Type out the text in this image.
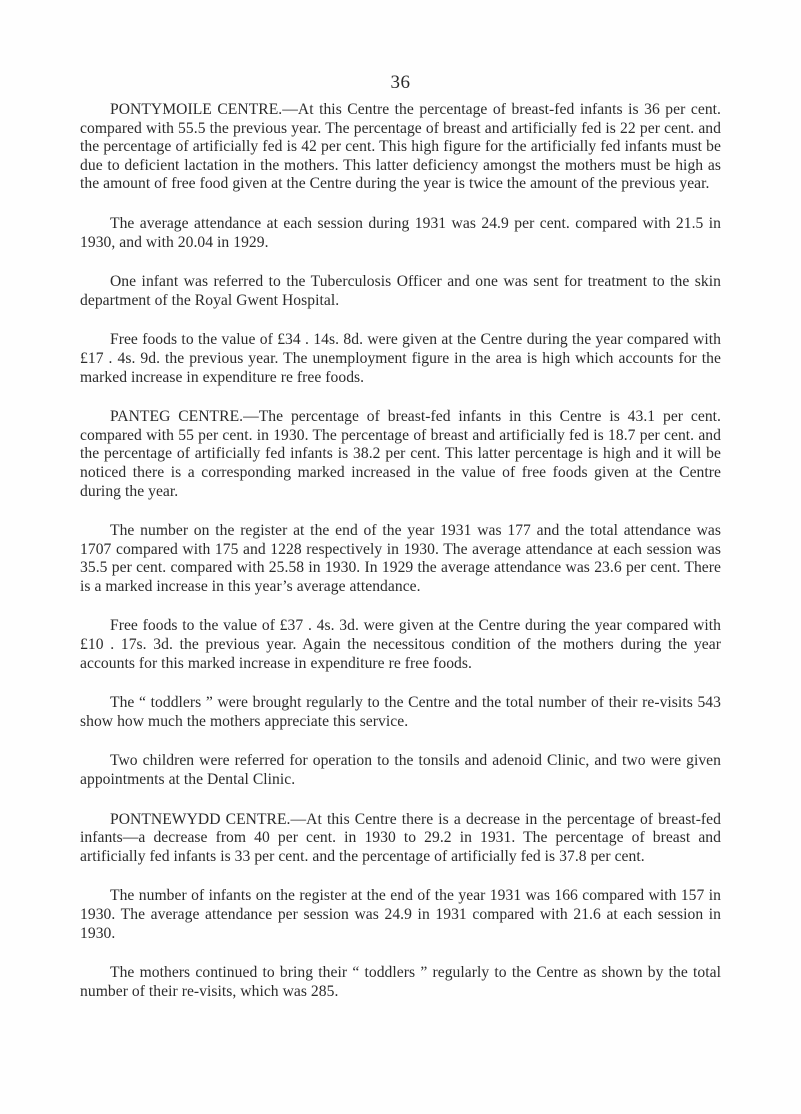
36

PONTYMOILE CENTRE.—At this Centre the percentage of breast-fed infants is 36 per cent. compared with 55.5 the previous year. The percentage of breast and artificially fed is 22 per cent. and the percentage of artificially fed is 42 per cent. This high figure for the artificially fed infants must be due to deficient lactation in the mothers. This latter deficiency amongst the mothers must be high as the amount of free food given at the Centre during the year is twice the amount of the previous year.

The average attendance at each session during 1931 was 24.9 per cent. compared with 21.5 in 1930, and with 20.04 in 1929.

One infant was referred to the Tuberculosis Officer and one was sent for treatment to the skin department of the Royal Gwent Hospital.

Free foods to the value of £34 . 14s. 8d. were given at the Centre during the year compared with £17 . 4s. 9d. the previous year. The unemployment figure in the area is high which accounts for the marked increase in expenditure re free foods.

PANTEG CENTRE.—The percentage of breast-fed infants in this Centre is 43.1 per cent. compared with 55 per cent. in 1930. The percentage of breast and artificially fed is 18.7 per cent. and the percentage of artificially fed infants is 38.2 per cent. This latter percentage is high and it will be noticed there is a corresponding marked increased in the value of free foods given at the Centre during the year.

The number on the register at the end of the year 1931 was 177 and the total attendance was 1707 compared with 175 and 1228 respectively in 1930. The average attendance at each session was 35.5 per cent. compared with 25.58 in 1930. In 1929 the average attendance was 23.6 per cent. There is a marked increase in this year’s average attendance.

Free foods to the value of £37 . 4s. 3d. were given at the Centre during the year compared with £10 . 17s. 3d. the previous year. Again the necessitous condition of the mothers during the year accounts for this marked increase in expenditure re free foods.

The “ toddlers ” were brought regularly to the Centre and the total number of their re-visits 543 show how much the mothers appreciate this service.

Two children were referred for operation to the tonsils and adenoid Clinic, and two were given appointments at the Dental Clinic.

PONTNEWYDD CENTRE.—At this Centre there is a decrease in the percentage of breast-fed infants—a decrease from 40 per cent. in 1930 to 29.2 in 1931. The percentage of breast and artificially fed infants is 33 per cent. and the percentage of artificially fed is 37.8 per cent.

The number of infants on the register at the end of the year 1931 was 166 compared with 157 in 1930. The average attendance per session was 24.9 in 1931 compared with 21.6 at each session in 1930.

The mothers continued to bring their “ toddlers ” regularly to the Centre as shown by the total number of their re-visits, which was 285.
